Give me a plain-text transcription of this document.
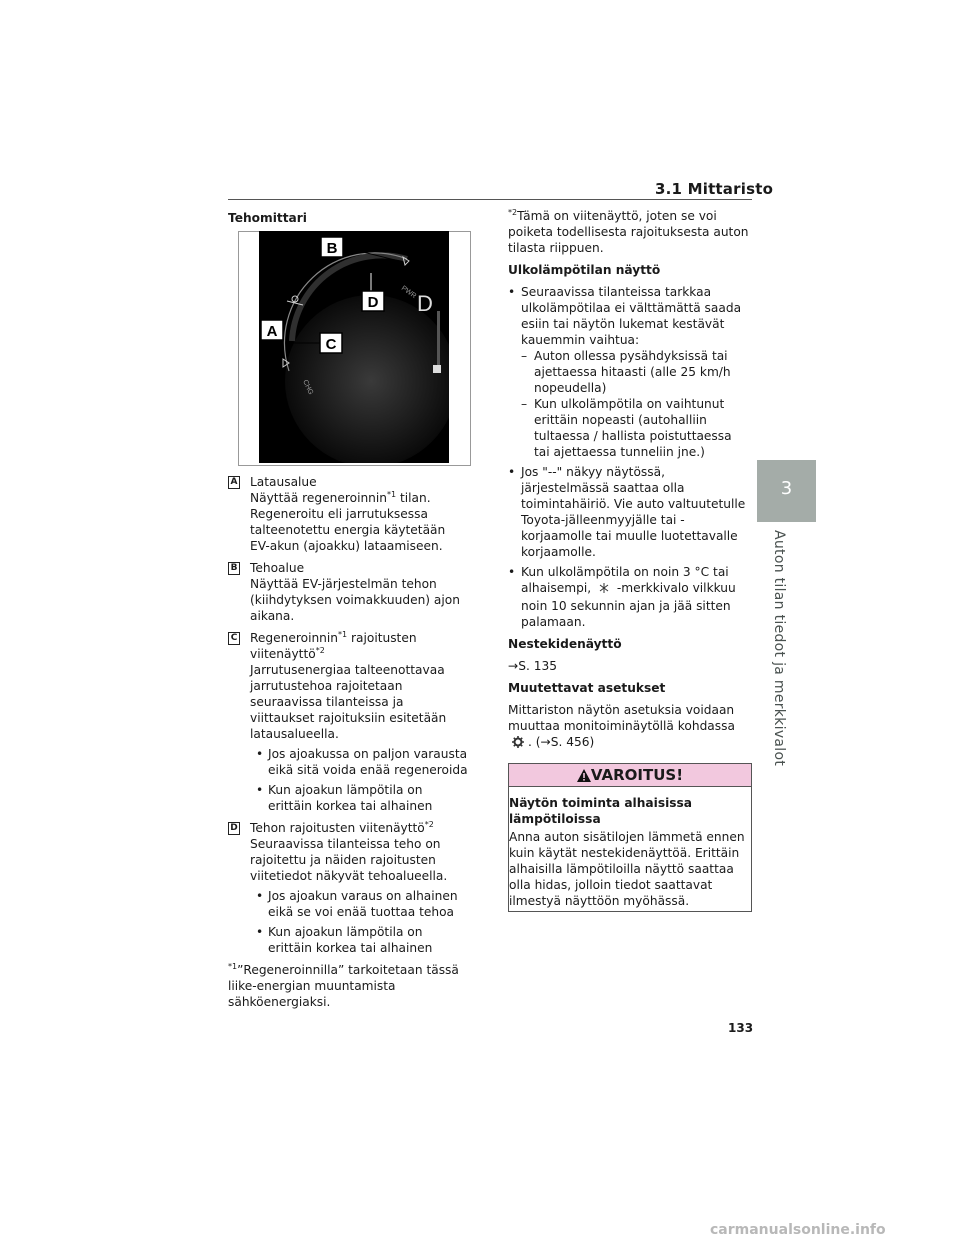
3.1 Mittaristo
3
Auton tilan tiedot ja merkkivalot
Tehomittari
B
D
A
C
D
PWR
CHG
A Latausalue
Näyttää regeneroinnin$^{*1}$ tilan.
Regeneroitu eli jarrutuksessa talteenotettu energia käytetään EV-akun (ajoakku) lataamiseen.
B Tehoalue
Näyttää EV-järjestelmän tehon (kiihdytyksen voimakkuuden) ajon aikana.
C Regeneroinnin$^{*1}$ rajoitusten
viitenäyttö$^{*2}$
Jarrutusenergiaa talteenottavaa jarrutustehoa rajoitetaan seuraavissa tilanteissa ja viittaukset rajoituksiin esitetään latausalueella.
• Jos ajoakussa on paljon varausta eikä sitä voida enää regeneroida
• Kun ajoakun lämpötila on erittäin korkea tai alhainen
D Tehon rajoitusten viitenäyttö$^{*2}$
Seuraavissa tilanteissa teho on rajoitettu ja näiden rajoitusten viitetiedot näkyvät tehoalueella.
• Jos ajoakun varaus on alhainen eikä se voi enää tuottaa tehoa
• Kun ajoakun lämpötila on erittäin korkea tai alhainen
$^{*1}$”Regeneroinnilla” tarkoitetaan tässä liike-energian muuntamista sähköenergiaksi.
$^{*2}$Tämä on viitenäyttö, joten se voi poiketa todellisesta rajoituksesta auton tilasta riippuen.
Ulkolämpötilan näyttö
• Seuraavissa tilanteissa tarkkaa ulkolämpötilaa ei välttämättä saada esiin tai näytön lukemat kestävät kauemmin vaihtua:
– Auton ollessa pysähdyksissä tai ajettaessa hitaasti (alle 25 km/h nopeudella)
– Kun ulkolämpötila on vaihtunut erittäin nopeasti (autohalliin tultaessa / hallista poistuttaessa tai ajettaessa tunneliin jne.)
• Jos "--" näkyy näytössä, järjestelmässä saattaa olla toimintahäiriö. Vie auto valtuutetulle Toyota-jälleenmyyjälle tai -korjaamolle tai muulle luotettavalle korjaamolle.
• Kun ulkolämpötila on noin 3 °C tai alhaisempi, -merkkivalo vilkkuu noin 10 sekunnin ajan ja jää sitten palamaan.
Nestekidenäyttö
→S. 135
Muutettavat asetukset
Mittariston näytön asetuksia voidaan muuttaa monitoiminäytöllä kohdassa
. (→S. 456)
VAROITUS!
Näytön toiminta alhaisissa lämpötiloissa
Anna auton sisätilojen lämmetä ennen kuin käytät nestekidenäyttöä. Erittäin alhaisilla lämpötiloilla näyttö saattaa olla hidas, jolloin tiedot saattavat ilmestyä näyttöön myöhässä.
133
carmanualsonline.info
